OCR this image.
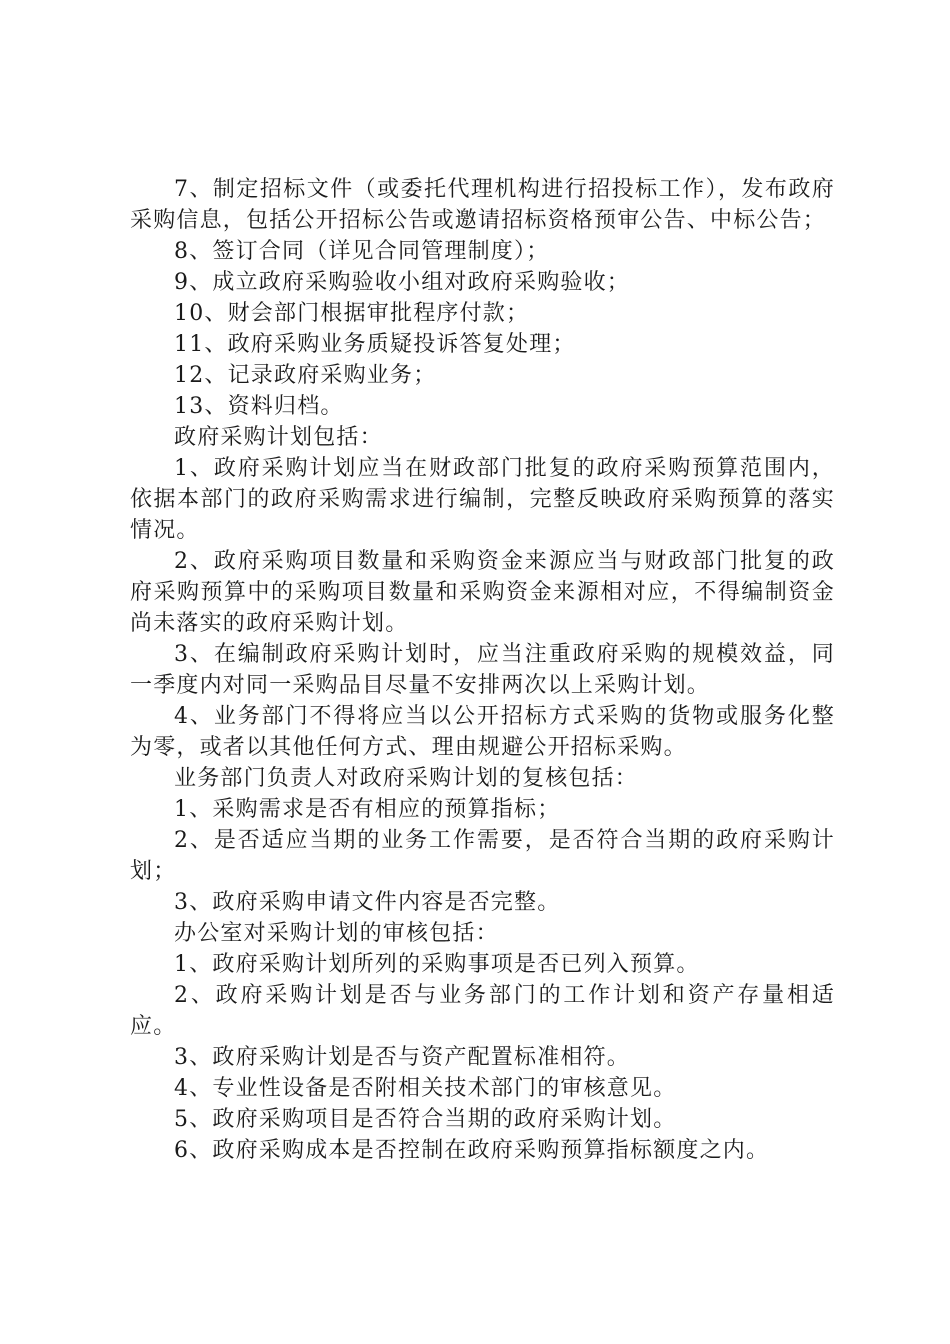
7、制定招标文件（或委托代理机构进行招投标工作），发布政府采购信息，包括公开招标公告或邀请招标资格预审公告、中标公告；

8、签订合同（详见合同管理制度）；

9、成立政府采购验收小组对政府采购验收；

10、财会部门根据审批程序付款；

11、政府采购业务质疑投诉答复处理；

12、记录政府采购业务；

13、资料归档。

政府采购计划包括：

1、政府采购计划应当在财政部门批复的政府采购预算范围内，依据本部门的政府采购需求进行编制，完整反映政府采购预算的落实情况。

2、政府采购项目数量和采购资金来源应当与财政部门批复的政府采购预算中的采购项目数量和采购资金来源相对应，不得编制资金尚未落实的政府采购计划。

3、在编制政府采购计划时，应当注重政府采购的规模效益，同一季度内对同一采购品目尽量不安排两次以上采购计划。

4、业务部门不得将应当以公开招标方式采购的货物或服务化整为零，或者以其他任何方式、理由规避公开招标采购。

业务部门负责人对政府采购计划的复核包括：

1、采购需求是否有相应的预算指标；

2、是否适应当期的业务工作需要，是否符合当期的政府采购计划；

3、政府采购申请文件内容是否完整。

办公室对采购计划的审核包括：

1、政府采购计划所列的采购事项是否已列入预算。

2、政府采购计划是否与业务部门的工作计划和资产存量相适应。

3、政府采购计划是否与资产配置标准相符。

4、专业性设备是否附相关技术部门的审核意见。

5、政府采购项目是否符合当期的政府采购计划。

6、政府采购成本是否控制在政府采购预算指标额度之内。
